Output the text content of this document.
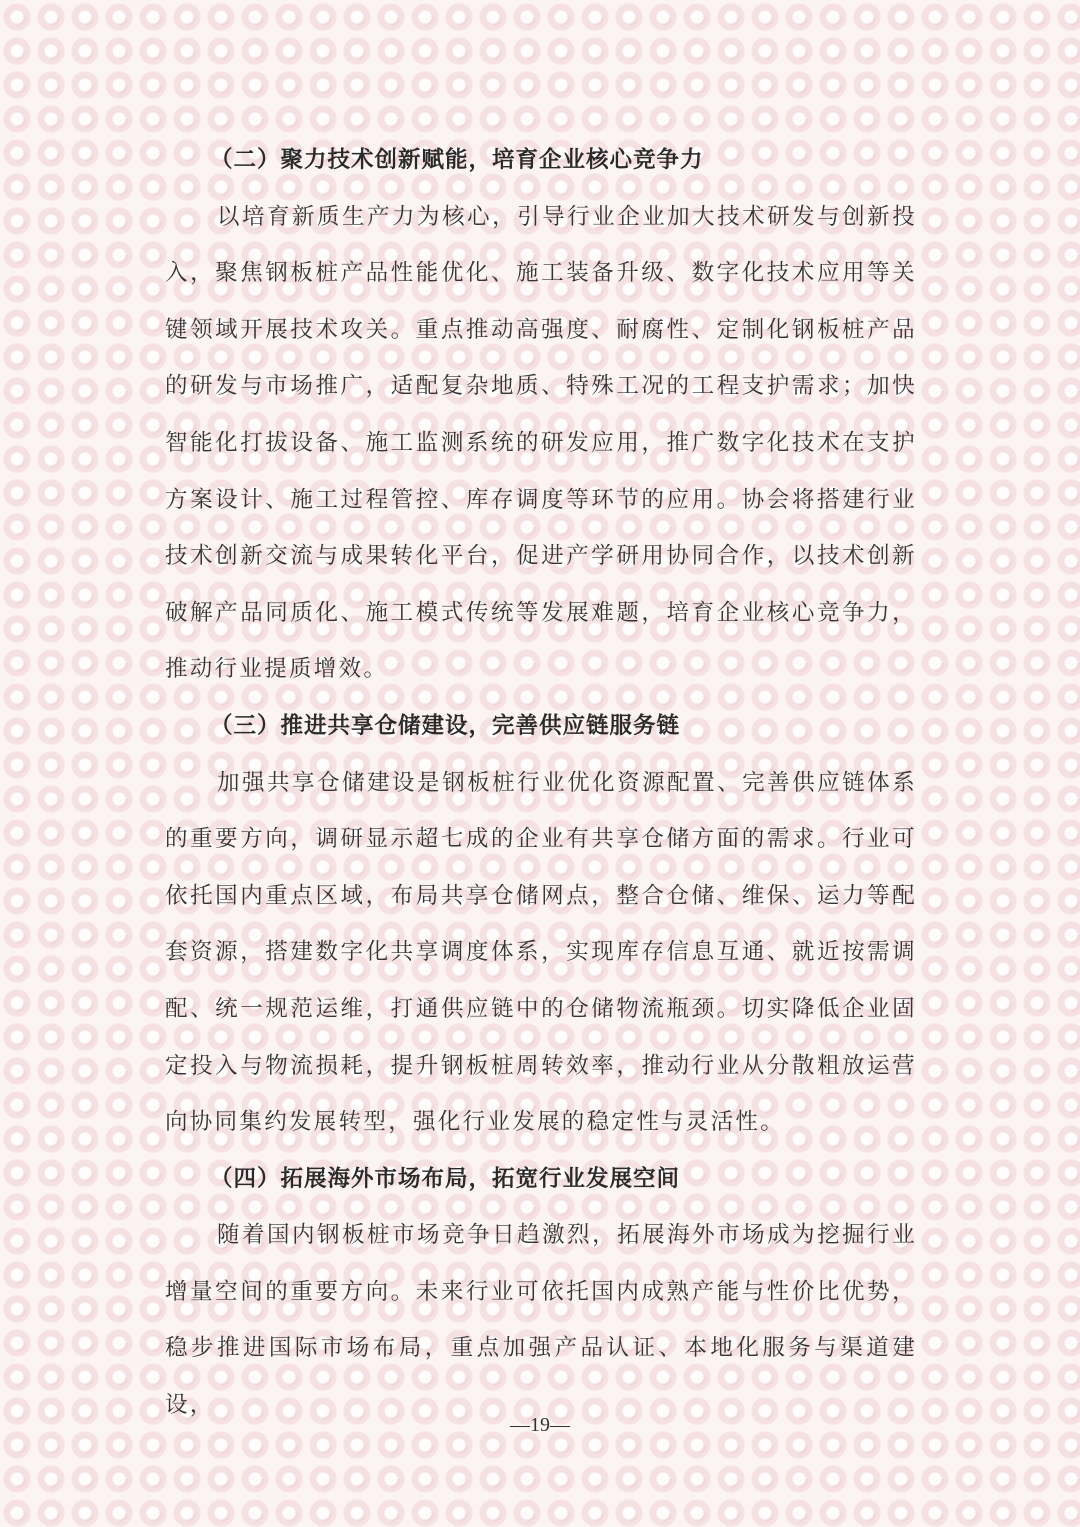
（二）聚力技术创新赋能，培育企业核心竞争力

以培育新质生产力为核心，引导行业企业加大技术研发与创新投入，聚焦钢板桩产品性能优化、施工装备升级、数字化技术应用等关键领域开展技术攻关。重点推动高强度、耐腐性、定制化钢板桩产品的研发与市场推广，适配复杂地质、特殊工况的工程支护需求；加快智能化打拔设备、施工监测系统的研发应用，推广数字化技术在支护方案设计、施工过程管控、库存调度等环节的应用。协会将搭建行业技术创新交流与成果转化平台，促进产学研用协同合作，以技术创新破解产品同质化、施工模式传统等发展难题，培育企业核心竞争力，推动行业提质增效。

（三）推进共享仓储建设，完善供应链服务链

加强共享仓储建设是钢板桩行业优化资源配置、完善供应链体系的重要方向，调研显示超七成的企业有共享仓储方面的需求。行业可依托国内重点区域，布局共享仓储网点，整合仓储、维保、运力等配套资源，搭建数字化共享调度体系，实现库存信息互通、就近按需调配、统一规范运维，打通供应链中的仓储物流瓶颈。切实降低企业固定投入与物流损耗，提升钢板桩周转效率，推动行业从分散粗放运营向协同集约发展转型，强化行业发展的稳定性与灵活性。

（四）拓展海外市场布局，拓宽行业发展空间

随着国内钢板桩市场竞争日趋激烈，拓展海外市场成为挖掘行业增量空间的重要方向。未来行业可依托国内成熟产能与性价比优势，稳步推进国际市场布局，重点加强产品认证、本地化服务与渠道建设，

—19—
